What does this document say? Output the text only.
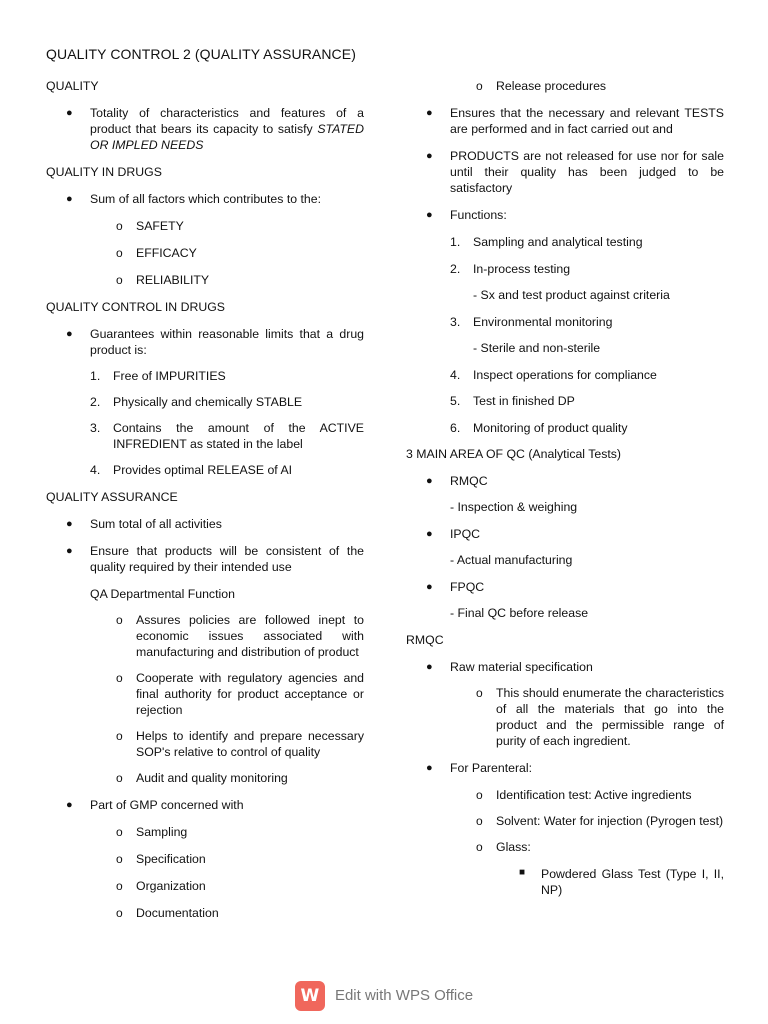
QUALITY CONTROL 2 (QUALITY ASSURANCE)
QUALITY
● Totality of characteristics and features of a product that bears its capacity to satisfy STATED OR IMPLED NEEDS
QUALITY IN DRUGS
● Sum of all factors which contributes to the:
o SAFETY
o EFFICACY
o RELIABILITY
QUALITY CONTROL IN DRUGS
● Guarantees within reasonable limits that a drug product is:
1. Free of IMPURITIES
2. Physically and chemically STABLE
3. Contains the amount of the ACTIVE INFREDIENT as stated in the label
4. Provides optimal RELEASE of AI
QUALITY ASSURANCE
● Sum total of all activities
● Ensure that products will be consistent of the quality required by their intended use
QA Departmental Function
o Assures policies are followed inept to economic issues associated with manufacturing and distribution of product
o Cooperate with regulatory agencies and final authority for product acceptance or rejection
o Helps to identify and prepare necessary SOP's relative to control of quality
o Audit and quality monitoring
● Part of GMP concerned with
o Sampling
o Specification
o Organization
o Documentation
o Release procedures
● Ensures that the necessary and relevant TESTS are performed and in fact carried out and
● PRODUCTS are not released for use nor for sale until their quality has been judged to be satisfactory
● Functions:
1. Sampling and analytical testing
2. In-process testing
- Sx and test product against criteria
3. Environmental monitoring
- Sterile and non-sterile
4. Inspect operations for compliance
5. Test in finished DP
6. Monitoring of product quality
3 MAIN AREA OF QC (Analytical Tests)
● RMQC
- Inspection & weighing
● IPQC
- Actual manufacturing
● FPQC
- Final QC before release
RMQC
● Raw material specification
o This should enumerate the characteristics of all the materials that go into the product and the permissible range of purity of each ingredient.
● For Parenteral:
o Identification test: Active ingredients
o Solvent: Water for injection (Pyrogen test)
o Glass:
■ Powdered Glass Test (Type I, II, NP)
W	Edit with WPS Office
